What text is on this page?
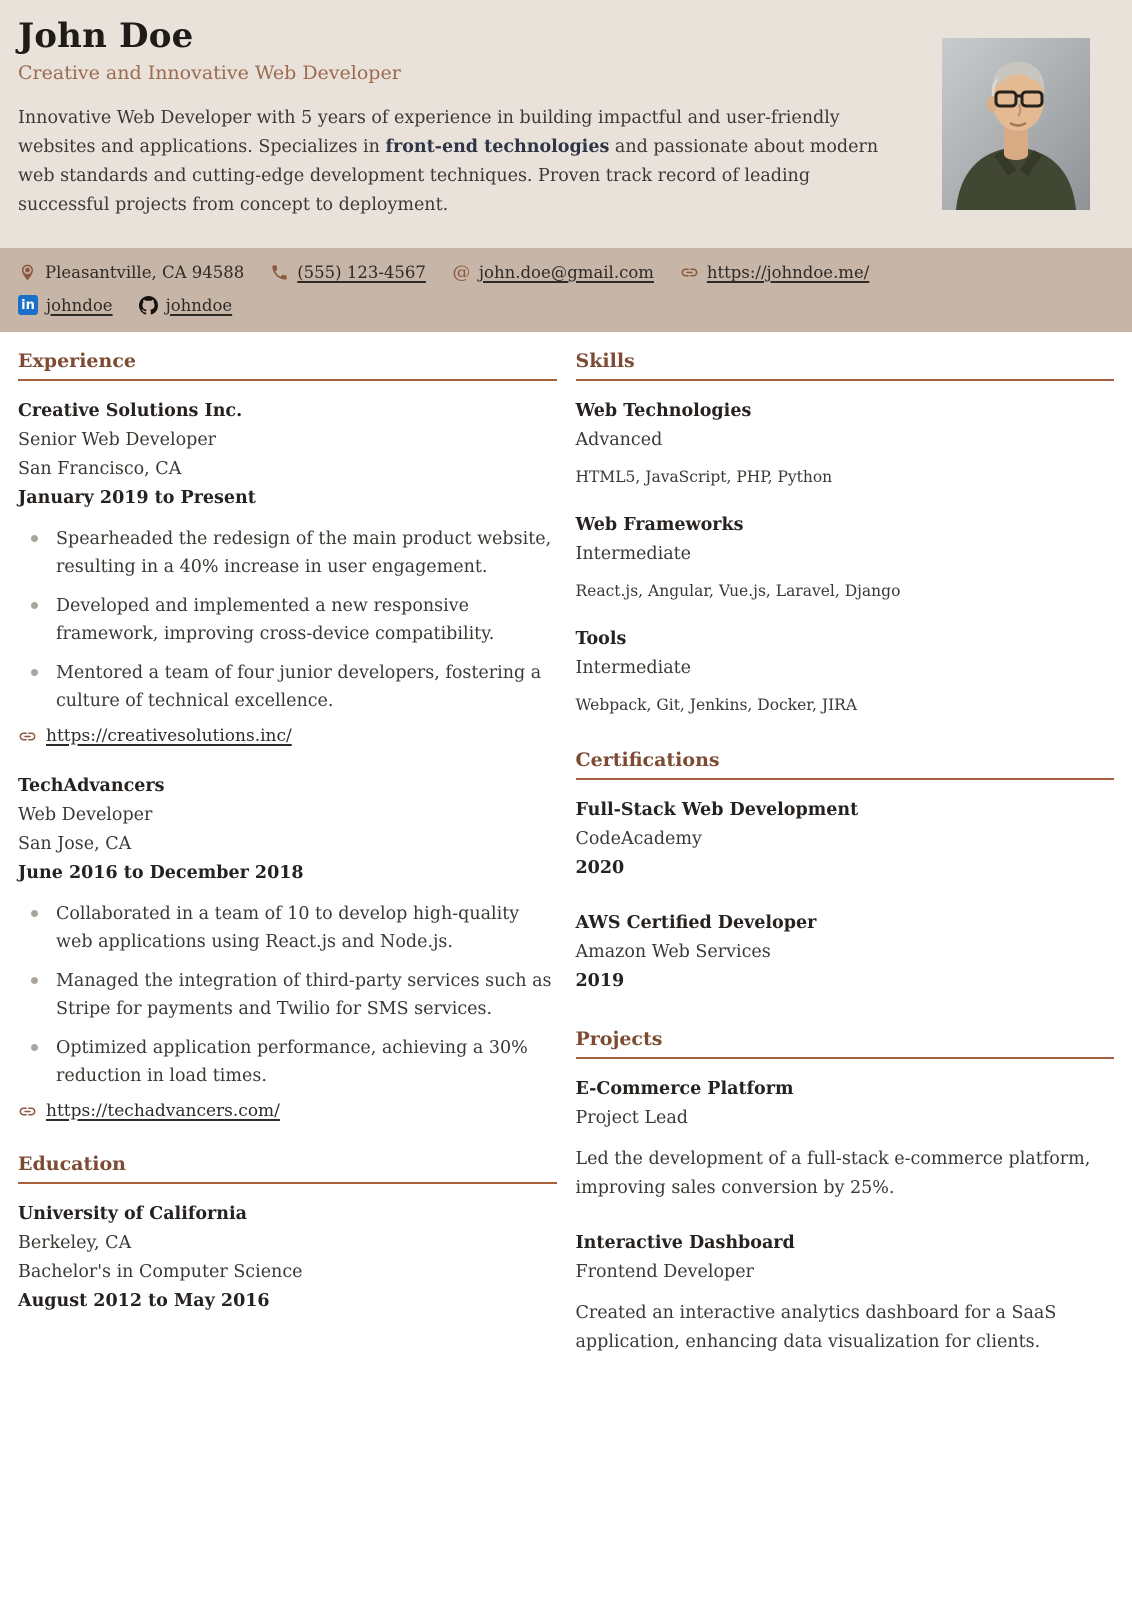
John Doe
Creative and Innovative Web Developer
Innovative Web Developer with 5 years of experience in building impactful and user-friendly websites and applications. Specializes in front-end technologies and passionate about modern web standards and cutting-edge development techniques. Proven track record of leading successful projects from concept to deployment.
Pleasantville, CA 94588	(555) 123-4567 @ john.doe@gmail.com	https://johndoe.me/
in johndoe	johndoe
Experience
Creative Solutions Inc.
Senior Web Developer
San Francisco, CA
January 2019 to Present
Spearheaded the redesign of the main product website, resulting in a 40% increase in user engagement.
Developed and implemented a new responsive framework, improving cross-device compatibility.
Mentored a team of four junior developers, fostering a culture of technical excellence.
https://creativesolutions.inc/
TechAdvancers
Web Developer
San Jose, CA
June 2016 to December 2018
Collaborated in a team of 10 to develop high-quality web applications using React.js and Node.js.
Managed the integration of third-party services such as Stripe for payments and Twilio for SMS services.
Optimized application performance, achieving a 30% reduction in load times.
https://techadvancers.com/
Education
University of California
Berkeley, CA
Bachelor's in Computer Science
August 2012 to May 2016
Skills
Web Technologies
Advanced
HTML5, JavaScript, PHP, Python
Web Frameworks
Intermediate
React.js, Angular, Vue.js, Laravel, Django
Tools
Intermediate
Webpack, Git, Jenkins, Docker, JIRA
Certifications
Full-Stack Web Development
CodeAcademy
2020
AWS Certified Developer
Amazon Web Services
2019
Projects
E-Commerce Platform
Project Lead
Led the development of a full-stack e-commerce platform, improving sales conversion by 25%.
Interactive Dashboard
Frontend Developer
Created an interactive analytics dashboard for a SaaS application, enhancing data visualization for clients.
